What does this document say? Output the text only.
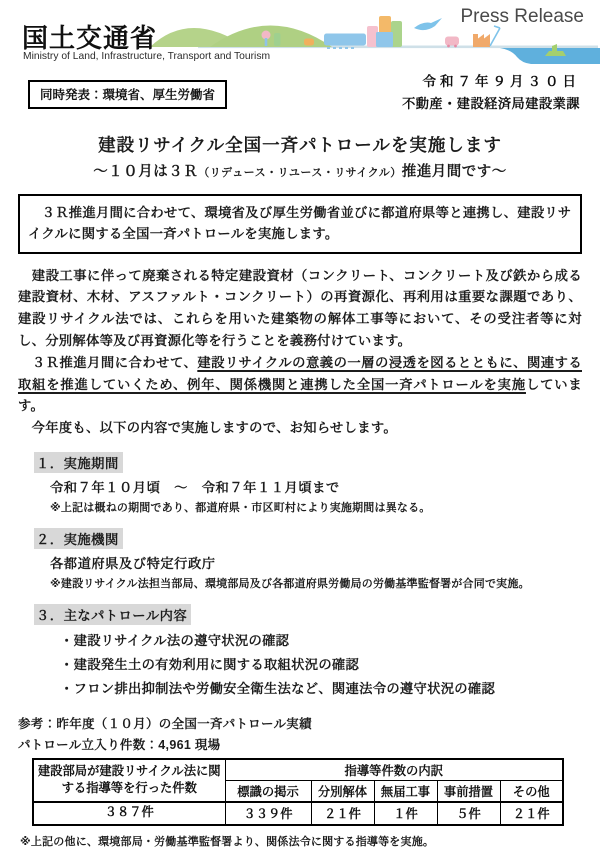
Press Release
国土交通省
Ministry of Land, Infrastructure, Transport and Tourism
同時発表：環境省、厚生労働省
令和７年９月３０日
不動産・建設経済局建設業課
建設リサイクル全国一斉パトロールを実施します
～１０月は３Ｒ（リデュース・リユース・リサイクル）推進月間です～
　３Ｒ推進月間に合わせて、環境省及び厚生労働省並びに都道府県等と連携し、建設リサイクルに関する全国一斉パトロールを実施します。
　建設工事に伴って廃棄される特定建設資材（コンクリート、コンクリート及び鉄から成る建設資材、木材、アスファルト・コンクリート）の再資源化、再利用は重要な課題であり、建設リサイクル法では、これらを用いた建築物の解体工事等において、その受注者等に対し、分別解体等及び再資源化等を行うことを義務付けています。
　３Ｒ推進月間に合わせて、建設リサイクルの意義の一層の浸透を図るとともに、関連する取組を推進していくため、例年、関係機関と連携した全国一斉パトロールを実施しています。
　今年度も、以下の内容で実施しますので、お知らせします。
１．実施期間
令和７年１０月頃　～　令和７年１１月頃まで
※上記は概ねの期間であり、都道府県・市区町村により実施期間は異なる。
２．実施機関
各都道府県及び特定行政庁
※建設リサイクル法担当部局、環境部局及び各都道府県労働局の労働基準監督署が合同で実施。
３．主なパトロール内容
・建設リサイクル法の遵守状況の確認
・建設発生土の有効利用に関する取組状況の確認
・フロン排出抑制法や労働安全衛生法など、関連法令の遵守状況の確認
参考：昨年度（１０月）の全国一斉パトロール実績
パトロール立入り件数：4,961 現場
建設部局が建設リサイクル法に関
する指導等を行った件数	指導等件数の内訳				
	標識の掲示	分別解体	無届工事	事前措置	その他
３８７件	３３９件	２１件	１件	５件	２１件
※上記の他に、環境部局・労働基準監督署より、関係法令に関する指導等を実施。
